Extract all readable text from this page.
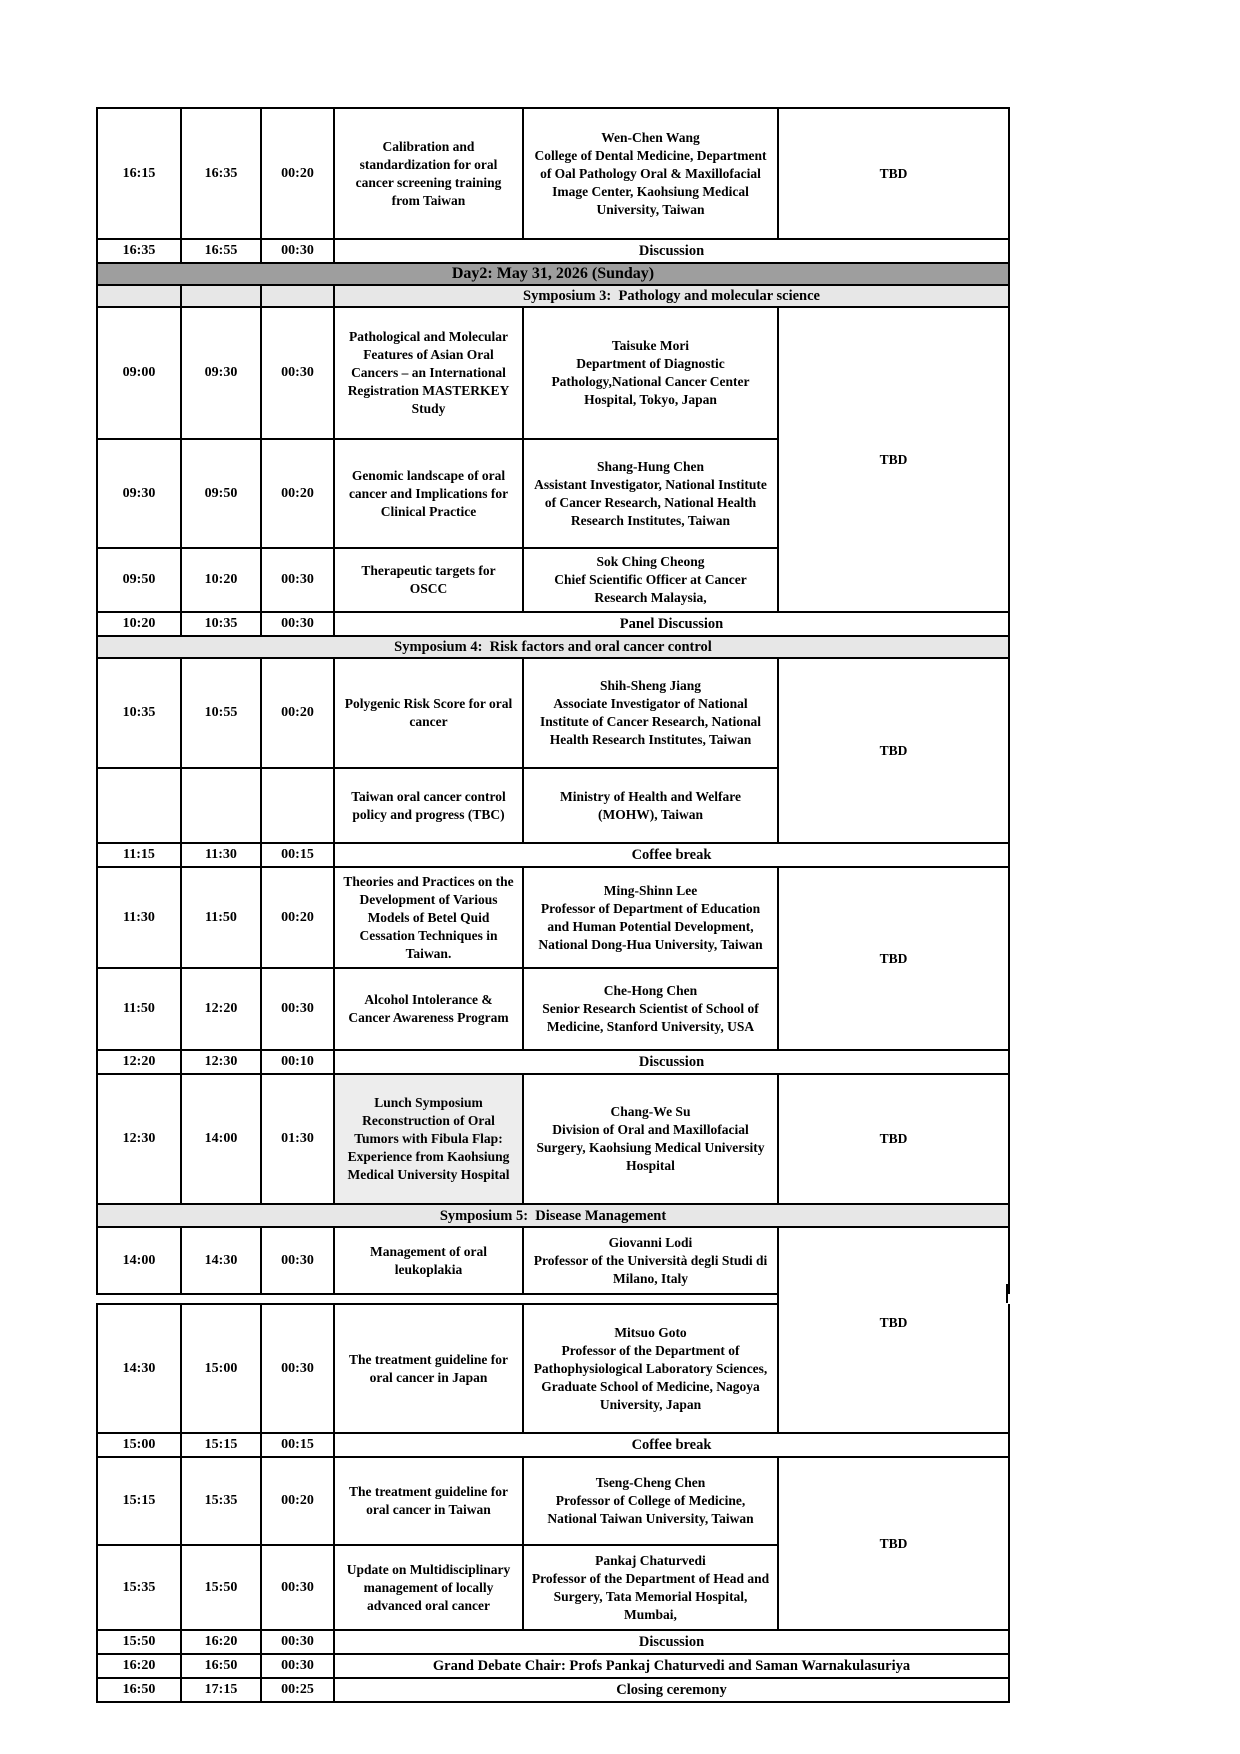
16:15	16:35	00:20	Calibration and standardization for oral cancer screening training from Taiwan	Wen-Chen Wang
College of Dental Medicine, Department of Oal Pathology Oral & Maxillofacial Image Center, Kaohsiung Medical University, Taiwan	TBD
16:35	16:55	00:30	Discussion		
Day2: May 31, 2026 (Sunday)					
			Symposium 3:  Pathology and molecular science		
09:00	09:30	00:30	Pathological and Molecular Features of Asian Oral Cancers – an International Registration MASTERKEY Study	Taisuke Mori
Department of Diagnostic Pathology,National Cancer Center Hospital, Tokyo, Japan	TBD
09:30	09:50	00:20	Genomic landscape of oral cancer and Implications for Clinical Practice	Shang-Hung Chen
Assistant Investigator, National Institute of Cancer Research, National Health Research Institutes, Taiwan	

09:50	10:20	00:30	Therapeutic targets for OSCC	Sok Ching Cheong
Chief Scientific Officer at Cancer Research Malaysia,	

10:20	10:35	00:30	Panel Discussion		
Symposium 4:  Risk factors and oral cancer control					
10:35	10:55	00:20	Polygenic Risk Score for oral cancer	Shih-Sheng Jiang
Associate Investigator of National Institute of Cancer Research, National Health Research Institutes, Taiwan	TBD
			Taiwan oral cancer control policy and progress (TBC)	Ministry of Health and Welfare (MOHW), Taiwan	

11:15	11:30	00:15	Coffee break		
11:30	11:50	00:20	Theories and Practices on the Development of Various Models of Betel Quid Cessation Techniques in Taiwan.	Ming-Shinn Lee
Professor of Department of Education and Human Potential Development, National Dong-Hua University, Taiwan	TBD
11:50	12:20	00:30	Alcohol Intolerance & Cancer Awareness Program	Che-Hong Chen
Senior Research Scientist of School of Medicine, Stanford University, USA	

12:20	12:30	00:10	Discussion		
12:30	14:00	01:30	Lunch Symposium Reconstruction of Oral Tumors with Fibula Flap: Experience from Kaohsiung Medical University Hospital	Chang-We Su
Division of Oral and Maxillofacial Surgery, Kaohsiung Medical University Hospital	TBD
Symposium 5:  Disease Management					
14:00	14:30	00:30	Management of oral leukoplakia	Giovanni Lodi
Professor of the Università degli Studi di Milano, Italy	

14:30	15:00	00:30	The treatment guideline for oral cancer in Japan	Mitsuo Goto
Professor of the Department of Pathophysiological Laboratory Sciences, Graduate School of Medicine, Nagoya University, Japan	TBD
15:00	15:15	00:15	Coffee break		
15:15	15:35	00:20	The treatment guideline for oral cancer in Taiwan	Tseng-Cheng Chen
Professor of College of Medicine, National Taiwan University, Taiwan	TBD
15:35	15:50	00:30	Update on Multidisciplinary management of locally advanced oral cancer	Pankaj Chaturvedi
Professor of the Department of Head and Surgery, Tata Memorial Hospital, Mumbai,	

15:50	16:20	00:30	Discussion		
16:20	16:50	00:30	Grand Debate Chair: Profs Pankaj Chaturvedi and Saman Warnakulasuriya		
16:50	17:15	00:25	Closing ceremony		
